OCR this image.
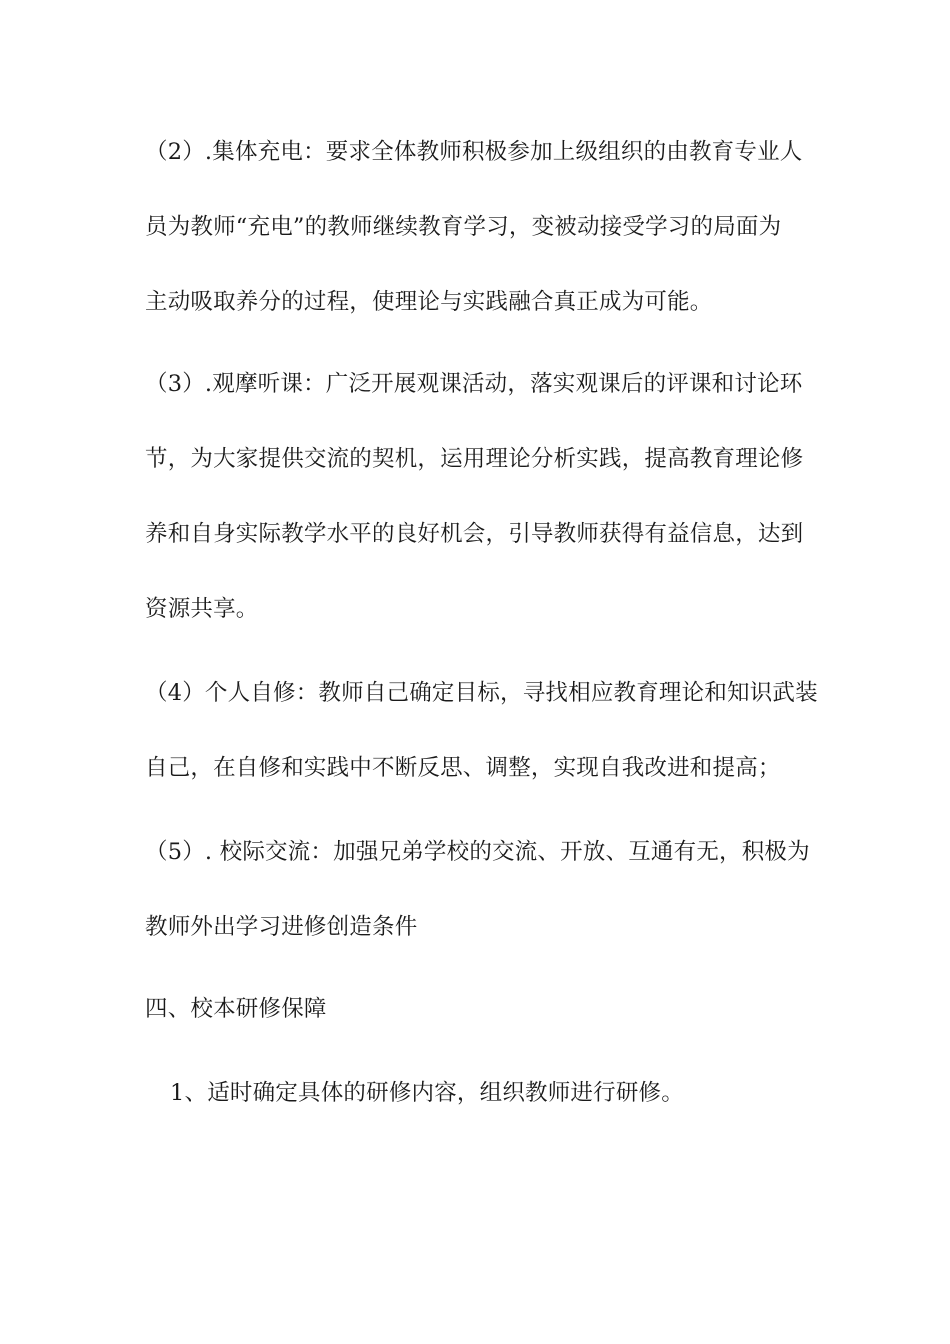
（2）.集体充电：要求全体教师积极参加上级组织的由教育专业人
员为教师“充电”的教师继续教育学习，变被动接受学习的局面为
主动吸取养分的过程，使理论与实践融合真正成为可能。
（3）.观摩听课：广泛开展观课活动，落实观课后的评课和讨论环
节，为大家提供交流的契机，运用理论分析实践，提高教育理论修
养和自身实际教学水平的良好机会，引导教师获得有益信息，达到
资源共享。
（4）个人自修：教师自己确定目标，寻找相应教育理论和知识武装
自己，在自修和实践中不断反思、调整，实现自我改进和提高；
（5）. 校际交流：加强兄弟学校的交流、开放、互通有无，积极为
教师外出学习进修创造条件
四、校本研修保障
1、适时确定具体的研修内容，组织教师进行研修。
